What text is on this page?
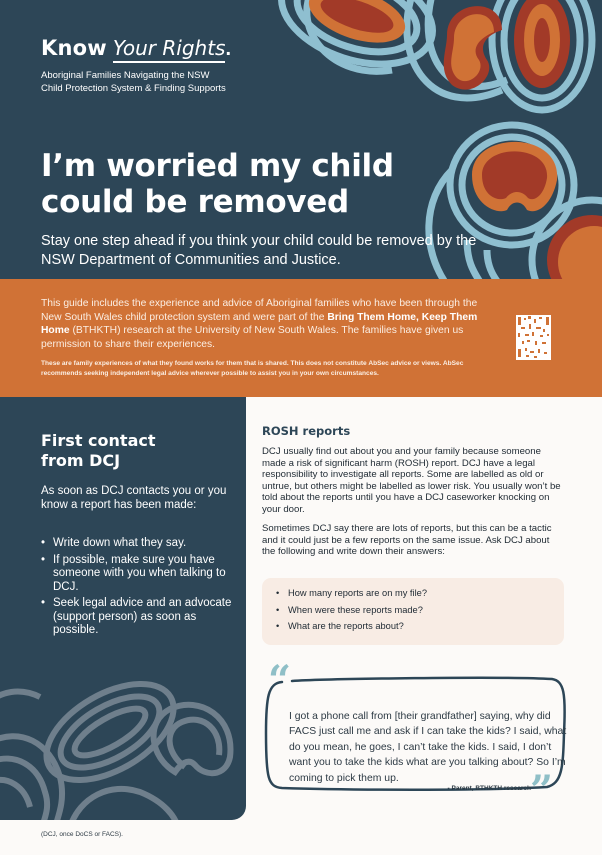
Know Your Rights.
Aboriginal Families Navigating the NSW
Child Protection System & Finding Supports
I’m worried my child
could be removed
Stay one step ahead if you think your child could be removed by the NSW Department of Communities and Justice.
This guide includes the experience and advice of Aboriginal families who have been through the New South Wales child protection system and were part of the Bring Them Home, Keep Them Home (BTHKTH) research at the University of New South Wales. The families have given us permission to share their experiences.
These are family experiences of what they found works for them that is shared. This does not constitute AbSec advice or views. AbSec recommends seeking independent legal advice wherever possible to assist you in your own circumstances.
First contact
from DCJ
As soon as DCJ contacts you or you know a report has been made:
• Write down what they say.
• If possible, make sure you have someone with you when talking to DCJ.
• Seek legal advice and an advocate (support person) as soon as possible.
(DCJ, once DoCS or FACS).
ROSH reports
DCJ usually find out about you and your family because someone made a risk of significant harm (ROSH) report. DCJ have a legal responsibility to investigate all reports. Some are labelled as old or untrue, but others might be labelled as lower risk. You usually won’t be told about the reports until you have a DCJ caseworker knocking on your door.
Sometimes DCJ say there are lots of reports, but this can be a tactic and it could just be a few reports on the same issue. Ask DCJ about the following and write down their answers:
• How many reports are on my file?
• When were these reports made?
• What are the reports about?
“
”
I got a phone call from [their grandfather] saying, why did FACS just call me and ask if I can take the kids? I said, what do you mean, he goes, I can’t take the kids. I said, I don’t want you to take the kids what are you talking about? So I’m coming to pick them up.
- Parent, BTHKTH research
